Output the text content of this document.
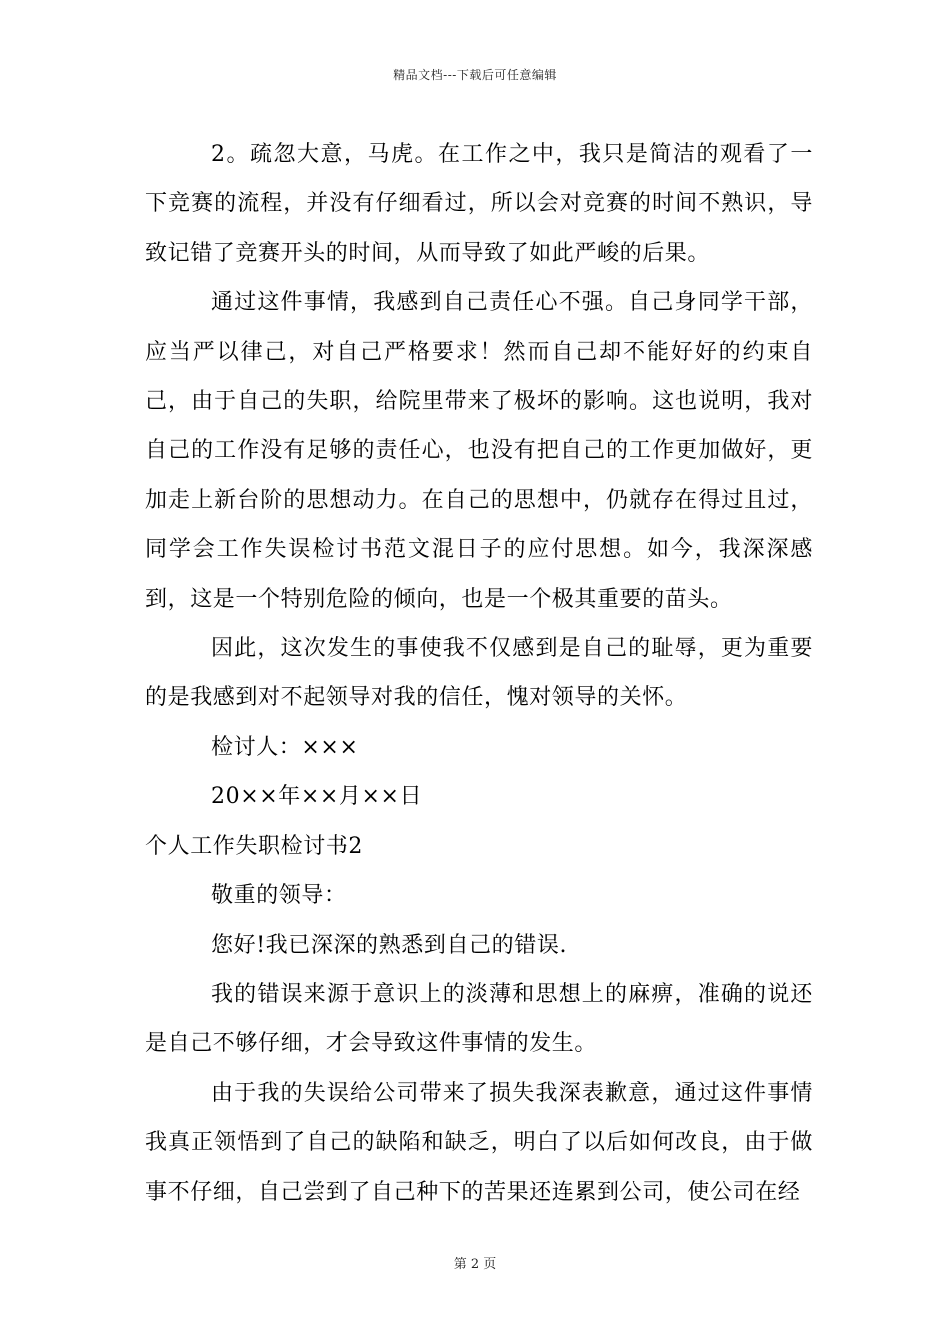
精品文档---下载后可任意编辑

2。疏忽大意，马虎。在工作之中，我只是简洁的观看了一下竞赛的流程，并没有仔细看过，所以会对竞赛的时间不熟识，导致记错了竞赛开头的时间，从而导致了如此严峻的后果。

通过这件事情，我感到自己责任心不强。自己身同学干部，应当严以律己，对自己严格要求！然而自己却不能好好的约束自己，由于自己的失职，给院里带来了极坏的影响。这也说明，我对自己的工作没有足够的责任心，也没有把自己的工作更加做好，更加走上新台阶的思想动力。在自己的思想中，仍就存在得过且过，同学会工作失误检讨书范文混日子的应付思想。如今，我深深感到，这是一个特别危险的倾向，也是一个极其重要的苗头。

因此，这次发生的事使我不仅感到是自己的耻辱，更为重要的是我感到对不起领导对我的信任，愧对领导的关怀。

检讨人：×××

20××年××月××日

个人工作失职检讨书2

敬重的领导：

您好!我已深深的熟悉到自己的错误.

我的错误来源于意识上的淡薄和思想上的麻痹，准确的说还是自己不够仔细，才会导致这件事情的发生。

由于我的失误给公司带来了损失我深表歉意，通过这件事情我真正领悟到了自己的缺陷和缺乏，明白了以后如何改良，由于做事不仔细，自己尝到了自己种下的苦果还连累到公司，使公司在经

第 2 页
